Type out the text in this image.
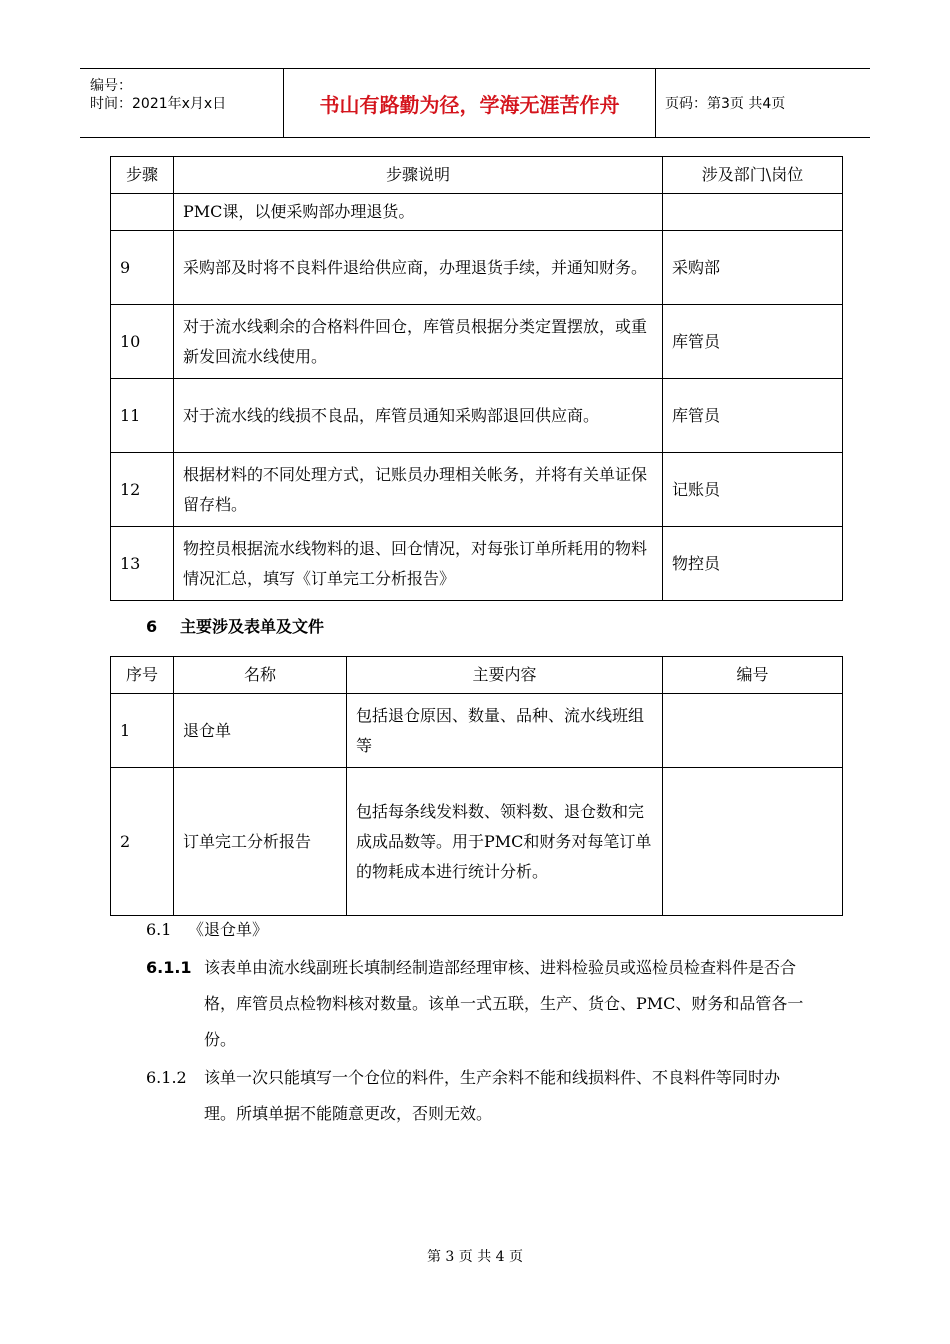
编号：
时间：2021年x月x日	书山有路勤为径，学海无涯苦作舟	页码：第3页 共4页
步骤	步骤说明	涉及部门\岗位
	PMC课，以便采购部办理退货。	
9	采购部及时将不良料件退给供应商，办理退货手续，并通知财务。	采购部
10	对于流水线剩余的合格料件回仓，库管员根据分类定置摆放，或重新发回流水线使用。	库管员
11	对于流水线的线损不良品，库管员通知采购部退回供应商。	库管员
12	根据材料的不同处理方式，记账员办理相关帐务，并将有关单证保留存档。	记账员
13	物控员根据流水线物料的退、回仓情况，对每张订单所耗用的物料情况汇总，填写《订单完工分析报告》	物控员
6 主要涉及表单及文件
序号	名称	主要内容	编号
1	退仓单	包括退仓原因、数量、品种、流水线班组等	
2	订单完工分析报告	包括每条线发料数、领料数、退仓数和完成成品数等。用于PMC和财务对每笔订单的物耗成本进行统计分析。	
6.1 《退仓单》
6.1.1 该表单由流水线副班长填制经制造部经理审核、进料检验员或巡检员检查料件是否合格，库管员点检物料核对数量。该单一式五联，生产、货仓、PMC、财务和品管各一份。
6.1.2 该单一次只能填写一个仓位的料件，生产余料不能和线损料件、不良料件等同时办理。所填单据不能随意更改，否则无效。
第 3 页 共 4 页
